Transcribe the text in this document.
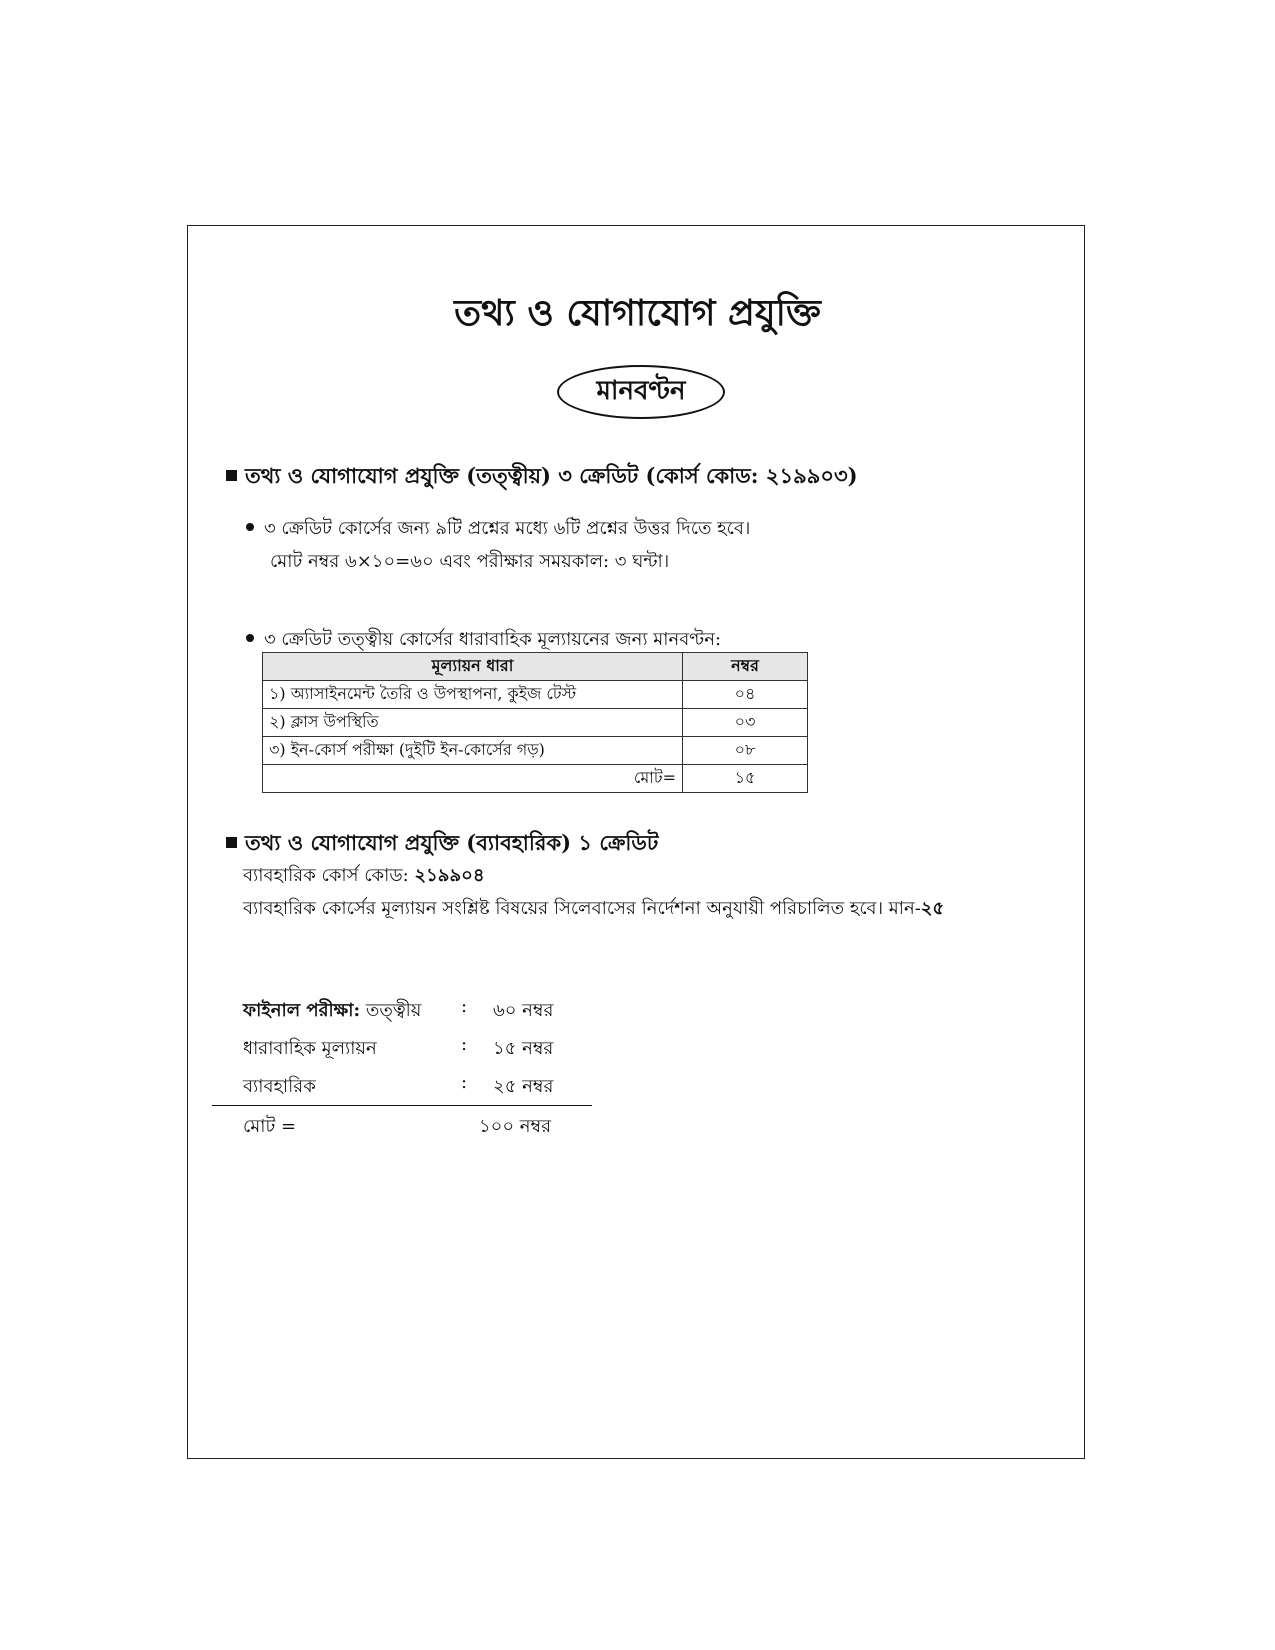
তথ্য ও যোগাযোগ প্রযুক্তি
মানবণ্টন
তথ্য ও যোগাযোগ প্রযুক্তি (তত্ত্বীয়) ৩ ক্রেডিট (কোর্স কোড: ২১৯৯০৩)
৩ ক্রেডিট কোর্সের জন্য ৯টি প্রশ্নের মধ্যে ৬টি প্রশ্নের উত্তর দিতে হবে।
মোট নম্বর ৬×১০=৬০ এবং পরীক্ষার সময়কাল: ৩ ঘন্টা।
৩ ক্রেডিট তত্ত্বীয় কোর্সের ধারাবাহিক মূল্যায়নের জন্য মানবণ্টন:
মূল্যায়ন ধারা	নম্বর
১) অ্যাসাইনমেন্ট তৈরি ও উপস্থাপনা, কুইজ টেস্ট	০৪
২) ক্লাস উপস্থিতি	০৩
৩) ইন-কোর্স পরীক্ষা (দুইটি ইন-কোর্সের গড়)	০৮
মোট=	১৫
তথ্য ও যোগাযোগ প্রযুক্তি (ব্যাবহারিক) ১ ক্রেডিট
ব্যাবহারিক কোর্স কোড: ২১৯৯০৪
ব্যাবহারিক কোর্সের মূল্যায়ন সংশ্লিষ্ট বিষয়ের সিলেবাসের নির্দেশনা অনুযায়ী পরিচালিত হবে। মান-২৫
ফাইনাল পরীক্ষা: তত্ত্বীয় : ৬০ নম্বর
ধারাবাহিক মূল্যায়ন	: ১৫ নম্বর
ব্যাবহারিক	: ২৫ নম্বর
মোট =	১০০ নম্বর
